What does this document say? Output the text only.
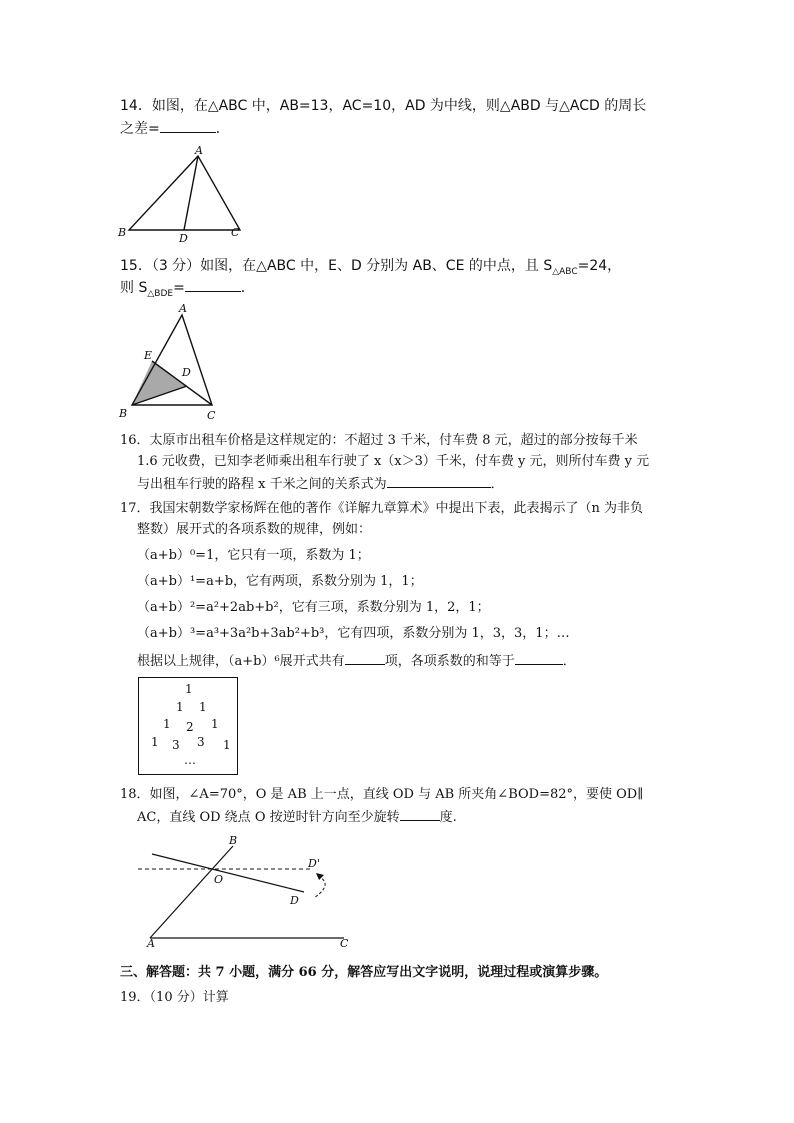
14．如图，在△ABC 中，AB=13，AC=10，AD 为中线，则△ABD 与△ACD 的周长
之差=	．
A
B	C
D
15．（3 分）如图，在△ABC 中，E、D 分别为 AB、CE 的中点，且 $S_{\triangle ABC}=24$，
则 $S_{\triangle BDE}=$	．
A
B	C
D
E
16．太原市出租车价格是这样规定的：不超过 3 千米，付车费 8 元，超过的部分按每千米
1.6 元收费，已知李老师乘出租车行驶了 x（x＞3）千米，付车费 y 元，则所付车费 y 元
与出租车行驶的路程 x 千米之间的关系式为	．
17．我国宋朝数学家杨辉在他的著作《详解九章算术》中提出下表，此表揭示了（n 为非负
整数）展开式的各项系数的规律，例如：
（a+b）⁰=1，它只有一项，系数为 1；
（a+b）¹=a+b，它有两项，系数分别为 1，1；
（a+b）²=a²+2ab+b²，它有三项，系数分别为 1，2，1；
（a+b）³=a³+3a²b+3ab²+b³，它有四项，系数分别为 1，3，3，1；…
根据以上规律，（a+b）⁶展开式共有	项，各项系数的和等于	．
1
1 1
1 2 1
1 3 3 1
…
18．如图，∠A=70°，O 是 AB 上一点，直线 OD 与 AB 所夹角∠BOD=82°，要使 OD∥
AC，直线 OD 绕点 O 按逆时针方向至少旋转	度.
A
B
C
O
D
D'
三、解答题：共 7 小题，满分 66 分，解答应写出文字说明，说理过程或演算步骤。
19．（10 分）计算
